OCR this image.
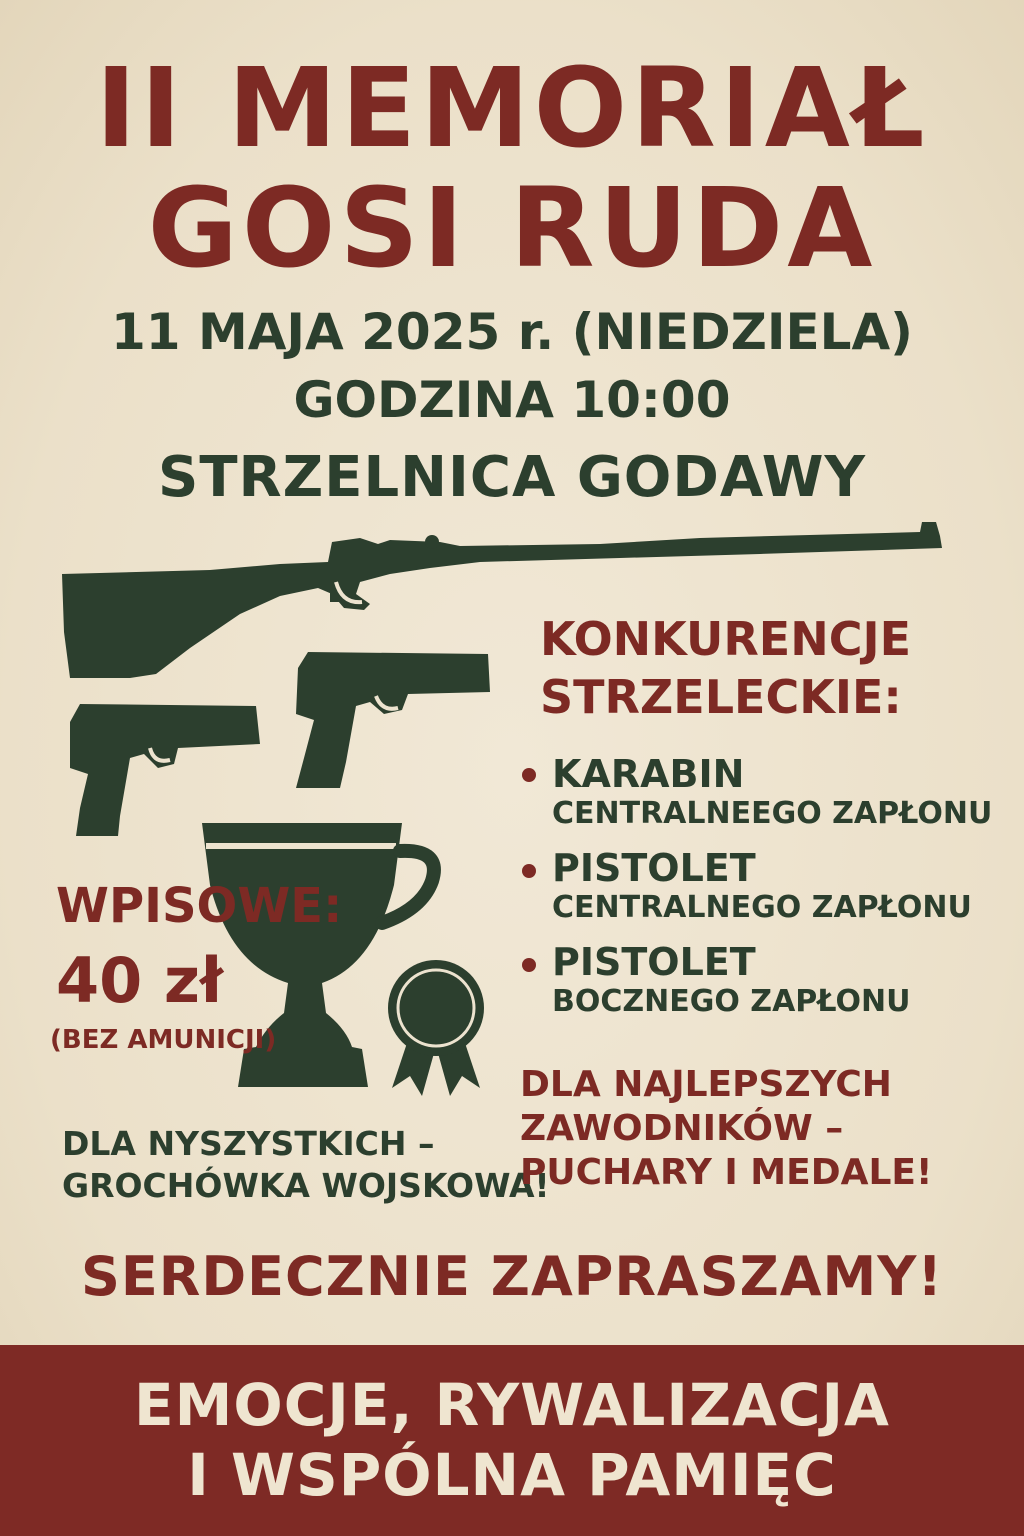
II MEMORIAŁ
GOSI RUDA
11 MAJA 2025 r. (NIEDZIELA)
GODZINA 10:00
STRZELNICA GODAWY
KONKURENCJE
STRZELECKIE:
KARABIN
CENTRALNEEGO ZAPŁONU
PISTOLET
CENTRALNEGO ZAPŁONU
PISTOLET
BOCZNEGO ZAPŁONU
WPISOWE:
40 zł
(BEZ AMUNICJI)
DLA NYSZYSTKICH –
GROCHÓWKA WOJSKOWA!
DLA NAJLEPSZYCH
ZAWODNIKÓW –
PUCHARY I MEDALE!
SERDECZNIE ZAPRASZAMY!
EMOCJE, RYWALIZACJA
I WSPÓLNA PAMIĘC
